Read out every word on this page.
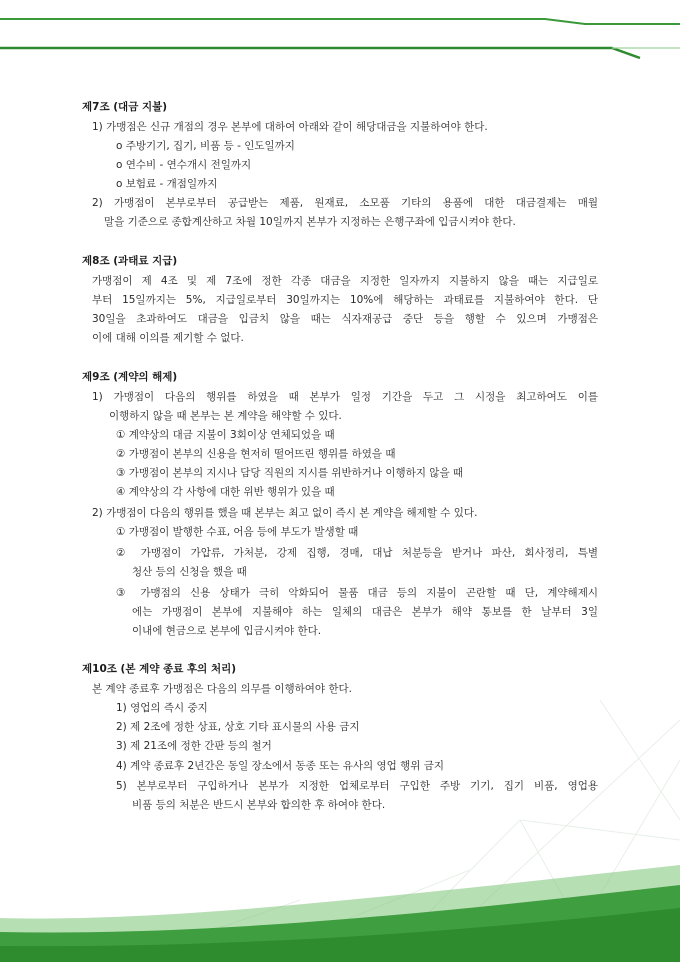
제7조 (대금 지불)
1) 가맹점은 신규 개점의 경우 본부에 대하여 아래와 같이 해당대금을 지불하여야 한다.
o 주방기기, 집기, 비품 등 - 인도일까지
o 연수비 - 연수개시 전일까지
o 보험료 - 개점일까지
2) 가맹점이 본부로부터 공급받는 제품, 원재료, 소모품 기타의 용품에 대한 대금결제는 매월
말을 기준으로 종합계산하고 차월 10일까지 본부가 지정하는 은행구좌에 입금시켜야 한다.
제8조 (과태료 지급)
가맹점이 제 4조 및 제 7조에 정한 각종 대금을 지정한 일자까지 지불하지 않을 때는 지급일로
부터 15일까지는 5%, 지급일로부터 30일까지는 10%에 해당하는 과태료를 지불하여야 한다. 단
30일을 초과하여도 대금을 입금치 않을 때는 식자재공급 중단 등을 행할 수 있으며 가맹점은
이에 대해 이의를 제기할 수 없다.
제9조 (계약의 해제)
1) 가맹점이 다음의 행위를 하였을 때 본부가 일정 기간을 두고 그 시정을 최고하여도 이를
이행하지 않을 때 본부는 본 계약을 해약할 수 있다.
① 계약상의 대금 지불이 3회이상 연체되었을 때
② 가맹점이 본부의 신용을 현저히 떨어뜨린 행위를 하였을 때
③ 가맹점이 본부의 지시나 담당 직원의 지시를 위반하거나 이행하지 않을 때
④ 계약상의 각 사항에 대한 위반 행위가 있을 때
2) 가맹점이 다음의 행위를 했을 때 본부는 최고 없이 즉시 본 계약을 해제할 수 있다.
① 가맹점이 발행한 수표, 어음 등에 부도가 발생할 때
② 가맹점이 가압류, 가처분, 강제 집행, 경매, 대납 처분등을 받거나 파산, 회사정리, 특별
청산 등의 신청을 했을 때
③ 가맹점의 신용 상태가 극히 악화되어 물품 대금 등의 지불이 곤란할 때 단, 계약해제시
에는 가맹점이 본부에 지불해야 하는 일체의 대금은 본부가 해약 통보를 한 날부터 3일
이내에 현금으로 본부에 입금시켜야 한다.
제10조 (본 계약 종료 후의 처리)
본 계약 종료후 가맹점은 다음의 의무를 이행하여야 한다.
1) 영업의 즉시 중지
2) 제 2조에 정한 상표, 상호 기타 표시물의 사용 금지
3) 제 21조에 정한 간판 등의 철거
4) 계약 종료후 2년간은 동일 장소에서 동종 또는 유사의 영업 행위 금지
5) 본부로부터 구입하거나 본부가 지정한 업체로부터 구입한 주방 기기, 집기 비품, 영업용
비품 등의 처분은 반드시 본부와 합의한 후 하여야 한다.
